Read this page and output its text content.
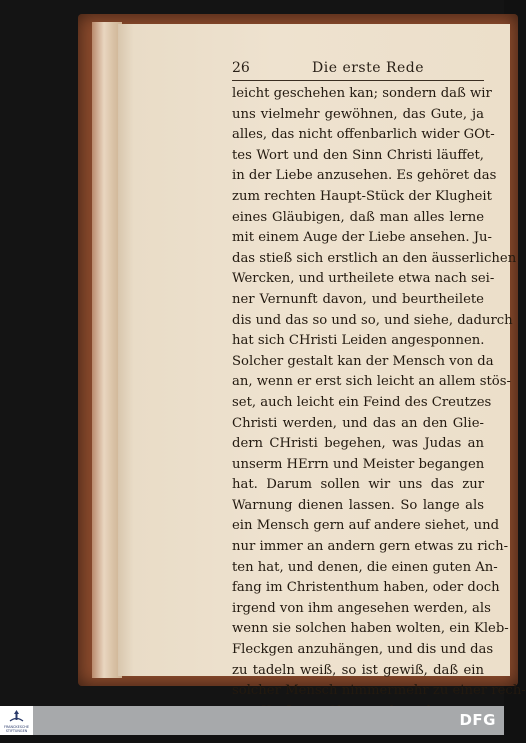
26	Die erste Rede
leicht geschehen kan; sondern daß wir
uns vielmehr gewöhnen, das Gute, ja
alles, das nicht offenbarlich wider GOt-
tes Wort und den Sinn Christi läuffet,
in der Liebe anzusehen. Es gehöret das
zum rechten Haupt-Stück der Klugheit
eines Gläubigen, daß man alles lerne
mit einem Auge der Liebe ansehen. Ju-
das stieß sich erstlich an den äusserlichen
Wercken, und urtheilete etwa nach sei-
ner Vernunft davon, und beurtheilete
dis und das so und so, und siehe, dadurch
hat sich CHristi Leiden angesponnen.
Solcher gestalt kan der Mensch von da
an, wenn er erst sich leicht an allem stös-
set, auch leicht ein Feind des Creutzes
Christi werden, und das an den Glie-
dern CHristi begehen, was Judas an
unserm HErrn und Meister begangen
hat. Darum sollen wir uns das zur
Warnung dienen lassen. So lange als
ein Mensch gern auf andere siehet, und
nur immer an andern gern etwas zu rich-
ten hat, und denen, die einen guten An-
fang im Christenthum haben, oder doch
irgend von ihm angesehen werden, als
wenn sie solchen haben wolten, ein Kleb-
Fleckgen anzuhängen, und dis und das
zu tadeln weiß, so ist gewiß, daß ein
solcher Mensch nimmermehr zu einer rech-
FRANCKESCHE STIFTUNGEN
DFG
